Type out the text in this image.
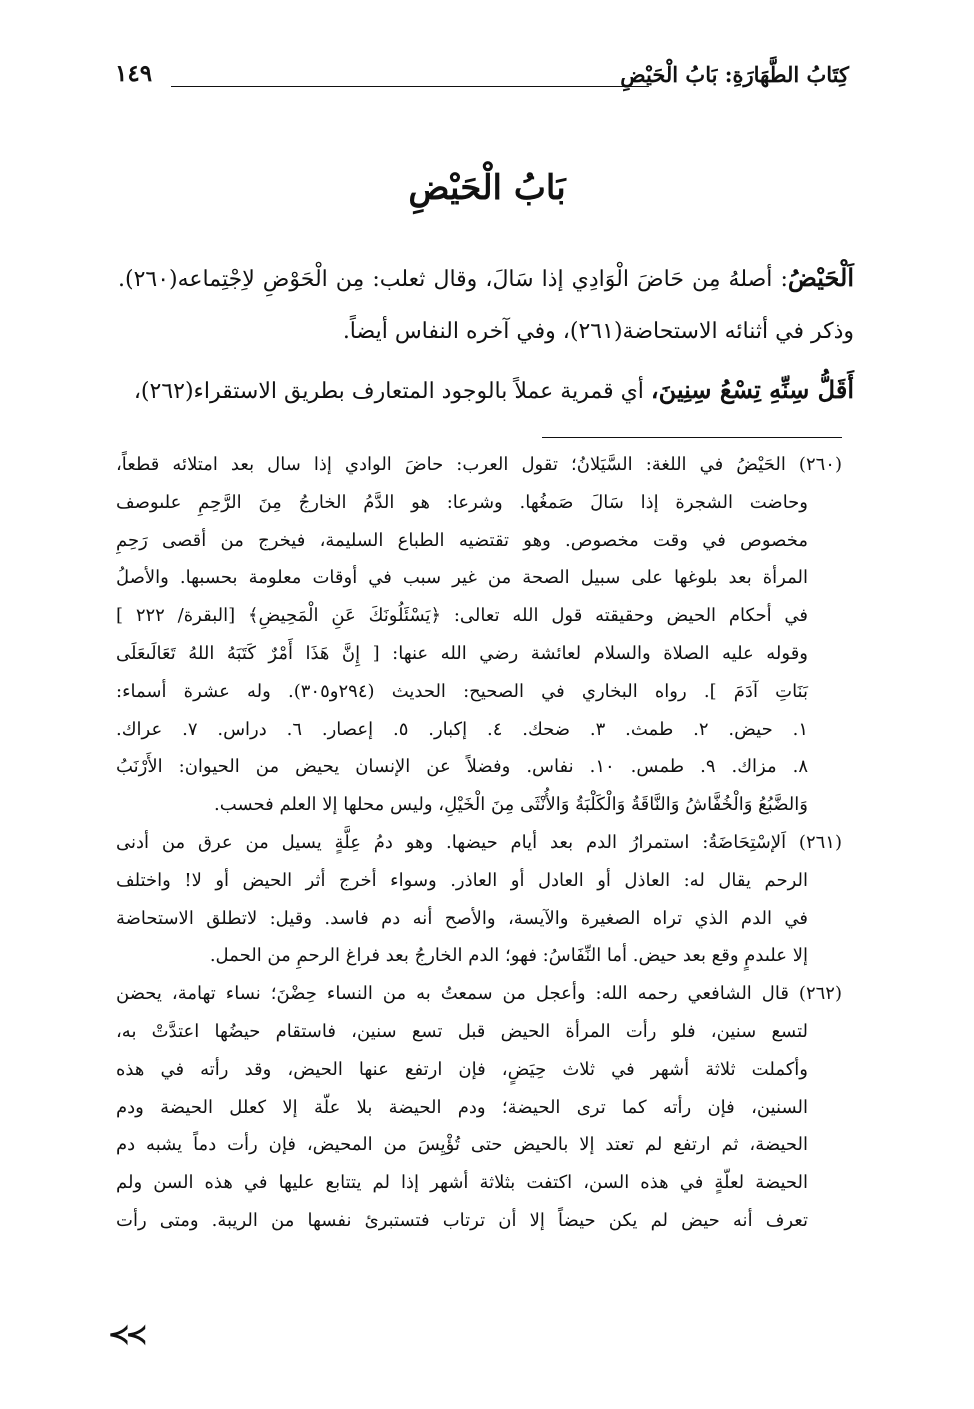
كِتَابُ الطَّهَارَةِ: بَابُ الْحَيْضِ
١٤٩
بَابُ الْحَيْضِ

اَلْحَيْضُ: أصلهُ مِن حَاضَ الْوَادِي إذا سَالَ، وقال ثعلب: مِن الْحَوْضِ لاِجْتِماعه(٢٦٠). وذكر في أثنائه الاستحاضة(٢٦١)، وفي آخره النفاس أيضاً.

أَقَلُّ سِنِّهِ تِسْعُ سِنِينَ، أي قمرية عملاً بالوجود المتعارف بطريق الاستقراء(٢٦٢)،

(٢٦٠) الحَيْضُ في اللغة: السَّيَلانُ؛ تقول العرب: حاضَ الوادي إذا سال بعد امتلائه قطعاً،
وحاضت الشجرة إذا سَالَ صَمغُها. وشرعا: هو الدَّمُ الخارجُ مِنَ الرَّحِمِ علىوصف
مخصوص في وقت مخصوص. وهو تقتضيه الطباع السليمة، فيخرج من أقصى رَحِمِ
المرأة بعد بلوغها على سبيل الصحة من غير سبب في أوقات معلومة بحسبها. والأصلُ
في أحكام الحيض وحقيقته قول الله تعالى: ﴿يَسْئَلُونَكَ عَنِ الْمَحِيضِ﴾ [البقرة/ ٢٢٢ ]
وقوله عليه الصلاة والسلام لعائشة رضي الله عنها: [ إِنَّ هَذَا أَمْرٌ كَتَبَهُ اللهُ تَعَالَىعَلَى
بَنَاتِ آدَمَ ]. رواه البخاري في الصحيح: الحديث (٢٩٤و٣٠٥). وله عشرة أسماء:
١. حيض. ٢. طمث. ٣. ضحك. ٤. إكبار. ٥. إعصار. ٦. دراس. ٧. عراك.
٨. مزاك. ٩. طمس. ١٠. نفاس. وفضلاً عن الإنسان يحيض من الحيوان: الأَرْنَبُ
وَالضَّبُعُ وَالْخُفَّاشُ وَالنَّاقَةُ وَالْكَلْبَةُ وَالأُنْثَى مِنَ الْخَيْلِ، وليس محلها إلا العلم فحسب.
(٢٦١) اَلإسْتِحَاضَةُ: استمرارُ الدم بعد أيام حيضها. وهو دمُ عِلَّةٍ يسيل من عرق من أدنى
الرحم يقال له: العاذل أو العادل أو العاذر. وسواء أخرج أثر الحيض أو لا! واختلف
في الدم الذي تراه الصغيرة والآيسة، والأصح أنه دم فاسد. وقيل: لاتطلق الاستحاضة
إلا علىدمٍ وقع بعد حيض. أما النِّفَاسُ: فهو؛ الدم الخارجُ بعد فراغ الرحمِ من الحمل.
(٢٦٢) قال الشافعي رحمه الله: وأعجل من سمعتُ به من النساء حِضْنَ؛ نساء تهامة، يحضن
لتسع سنين، فلو رأت المرأة الحيض قبل تسع سنين، فاستقام حيضُها اعتدَّتْ به،
وأكملت ثلاثة أشهر في ثلاث حِيَضٍ، فإن ارتفع عنها الحيض، وقد رأته في هذه
السنين، فإن رأته كما ترى الحيضة؛ ودم الحيضة بلا علّة إلا كعلل الحيضة ودم
الحيضة، ثم ارتفع لم تعتد إلا بالحيض حتى تُؤْيِسَ من المحيض، فإن رأت دماً يشبه دم
الحيضة لعلّةٍ في هذه السن، اكتفت بثلاثة أشهر إذا لم يتتابع عليها في هذه السن ولم
تعرف أنه حيض لم يكن حيضاً إلا أن ترتاب فتستبرئ نفسها من الريبة. ومتى رأت
≺≺
